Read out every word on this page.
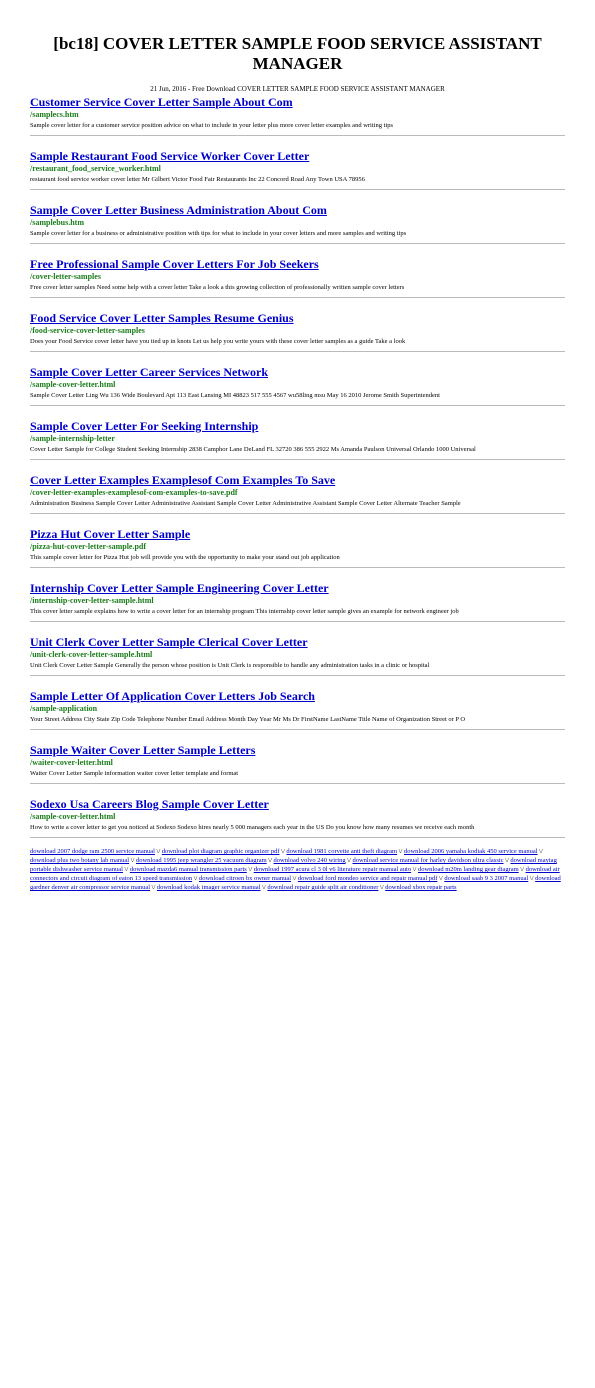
[bc18] COVER LETTER SAMPLE FOOD SERVICE ASSISTANT MANAGER
21 Jun, 2016 - Free Download COVER LETTER SAMPLE FOOD SERVICE ASSISTANT MANAGER
Customer Service Cover Letter Sample About Com
/samplecs.htm
Sample cover letter for a customer service position advice on what to include in your letter plus more cover letter examples and writing tips
Sample Restaurant Food Service Worker Cover Letter
/restaurant_food_service_worker.html
restaurant food service worker cover letter Mr Gilbert Victor Food Fair Restaurants Inc 22 Concord Road Any Town USA 78956
Sample Cover Letter Business Administration About Com
/samplebus.htm
Sample cover letter for a business or administrative position with tips for what to include in your cover letters and more samples and writing tips
Free Professional Sample Cover Letters For Job Seekers
/cover-letter-samples
Free cover letter samples Need some help with a cover letter Take a look a this growing collection of professionally written sample cover letters
Food Service Cover Letter Samples Resume Genius
/food-service-cover-letter-samples
Does your Food Service cover letter have you tied up in knots Let us help you write yours with these cover letter samples as a guide Take a look
Sample Cover Letter Career Services Network
/sample-cover-letter.html
Sample Cover Letter Ling Wu 136 Wide Boulevard Apt 113 East Lansing MI 48823 517 555 4567 wu58ling msu May 16 2010 Jerome Smith Superintendent
Sample Cover Letter For Seeking Internship
/sample-internship-letter
Cover Letter Sample for College Student Seeking Internship 2838 Camphor Lane DeLand FL 32720 386 555 2922 Ms Amanda Paulson Universal Orlando 1000 Universal
Cover Letter Examples Examplesof Com Examples To Save
/cover-letter-examples-examplesof-com-examples-to-save.pdf
Administration Business Sample Cover Letter Administrative Assistant Sample Cover Letter Administrative Assistant Sample Cover Letter Alternate Teacher Sample
Pizza Hut Cover Letter Sample
/pizza-hut-cover-letter-sample.pdf
This sample cover letter for Pizza Hut job will provide you with the opportunity to make your stand out job application
Internship Cover Letter Sample Engineering Cover Letter
/internship-cover-letter-sample.html
This cover letter sample explains how to write a cover letter for an internship program This internship cover letter sample gives an example for network engineer job
Unit Clerk Cover Letter Sample Clerical Cover Letter
/unit-clerk-cover-letter-sample.html
Unit Clerk Cover Letter Sample Generally the person whose position is Unit Clerk is responsible to handle any administration tasks in a clinic or hospital
Sample Letter Of Application Cover Letters Job Search
/sample-application
Your Street Address City State Zip Code Telephone Number Email Address Month Day Year Mr Ms Dr FirstName LastName Title Name of Organization Street or P O
Sample Waiter Cover Letter Sample Letters
/waiter-cover-letter.html
Waiter Cover Letter Sample information waiter cover letter template and format
Sodexo Usa Careers Blog Sample Cover Letter
/sample-cover-letter.html
How to write a cover letter to get you noticed at Sodexo Sodexo hires nearly 5 000 managers each year in the US Do you know how many resumes we receive each month
download 2007 dodge ram 2500 service manual \/ download plot diagram graphic organizer pdf \/ download 1981 corvette anti theft diagram \/ download 2006 yamaha kodiak 450 service manual \/ download plus two botany lab manual \/ download 1995 jeep wrangler 25 vacuum diagram \/ download volvo 240 wiring \/ download service manual for harley davidson ultra classic \/ download maytag portable dishwasher service manual \/ download mazda6 manual transmission parts \/ download 1997 acura cl 3 0l v6 literature repair manual auto \/ download m20m landing gear diagram \/ download air connectors and circuit diagram of eaton 13 speed transmission \/ download citroen bx owner manual \/ download ford mondeo service and repair manual pdf \/ download saab 9 3 2007 manual \/ download gardner denver air compressor service manual \/ download kodak imager service manual \/ download repair guide split air conditioner \/ download xbox repair parts
